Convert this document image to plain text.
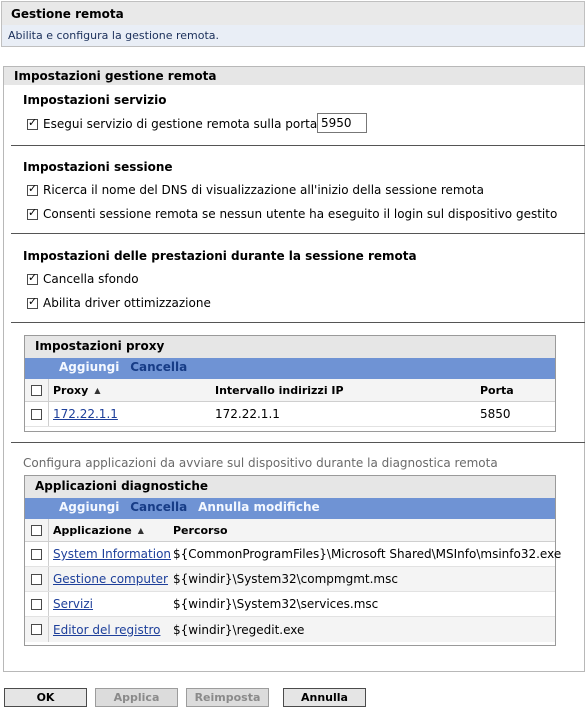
Gestione remota
Abilita e configura la gestione remota.
Impostazioni gestione remota
Impostazioni servizio
✓
Esegui servizio di gestione remota sulla porta
5950
Impostazioni sessione
✓
Ricerca il nome del DNS di visualizzazione all'inizio della sessione remota
✓
Consenti sessione remota se nessun utente ha eseguito il login sul dispositivo gestito
Impostazioni delle prestazioni durante la sessione remota
✓
Cancella sfondo
✓
Abilita driver ottimizzazione
Impostazioni proxy
Aggiungi Cancella
Proxy ▲	Intervallo indirizzi IP	Porta
172.22.1.1	172.22.1.1	5850
Configura applicazioni da avviare sul dispositivo durante la diagnostica remota
Applicazioni diagnostiche
Aggiungi Cancella Annulla modifiche
Applicazione ▲	Percorso
System Information ${CommonProgramFiles}\Microsoft Shared\MSInfo\msinfo32.exe
Gestione computer ${windir}\System32\compmgmt.msc
Servizi	${windir}\System32\services.msc
Editor del registro ${windir}\regedit.exe
OK	Applica	Reimposta	Annulla
